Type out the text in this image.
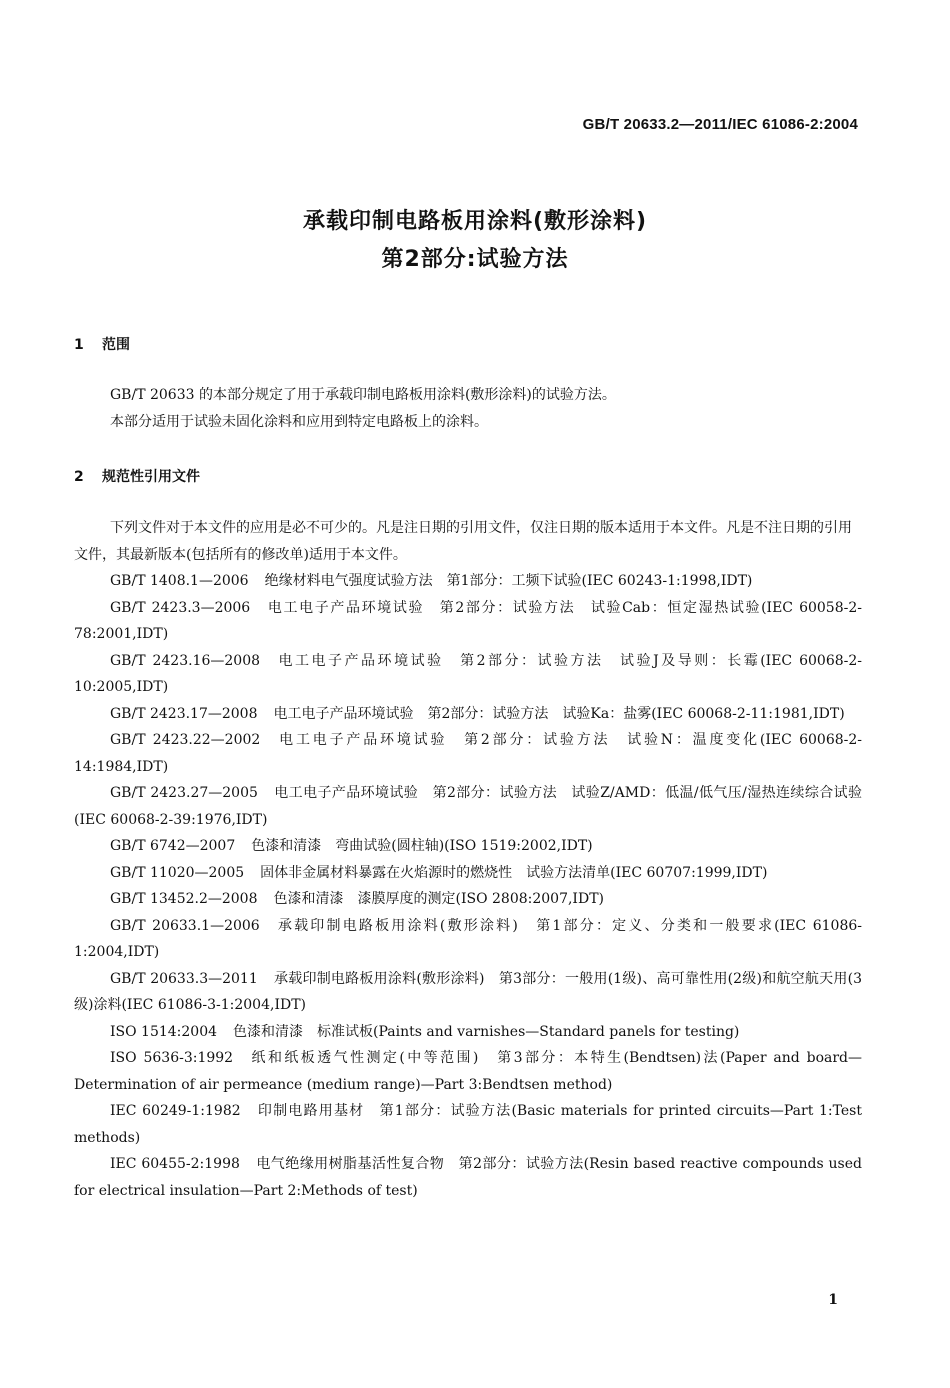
GB/T 20633.2—2011/IEC 61086-2:2004
承载印制电路板用涂料(敷形涂料)
第2部分:试验方法
1 范围
GB/T 20633 的本部分规定了用于承载印制电路板用涂料(敷形涂料)的试验方法。
本部分适用于试验未固化涂料和应用到特定电路板上的涂料。
2 规范性引用文件
下列文件对于本文件的应用是必不可少的。凡是注日期的引用文件，仅注日期的版本适用于本文件。凡是不注日期的引用文件，其最新版本(包括所有的修改单)适用于本文件。
GB/T 1408.1—2006 绝缘材料电气强度试验方法　第1部分：工频下试验(IEC 60243-1:1998,IDT)
GB/T 2423.3—2006 电工电子产品环境试验　第2部分：试验方法　试验Cab：恒定湿热试验(IEC 60058-2-78:2001,IDT)
GB/T 2423.16—2008 电工电子产品环境试验　第2部分：试验方法　试验J及导则：长霉(IEC 60068-2-10:2005,IDT)
GB/T 2423.17—2008 电工电子产品环境试验　第2部分：试验方法　试验Ka：盐雾(IEC 60068-2-11:1981,IDT)
GB/T 2423.22—2002 电工电子产品环境试验　第2部分：试验方法　试验N：温度变化(IEC 60068-2-14:1984,IDT)
GB/T 2423.27—2005 电工电子产品环境试验　第2部分：试验方法　试验Z/AMD：低温/低气压/湿热连续综合试验(IEC 60068-2-39:1976,IDT)
GB/T 6742—2007 色漆和清漆　弯曲试验(圆柱轴)(ISO 1519:2002,IDT)
GB/T 11020—2005 固体非金属材料暴露在火焰源时的燃烧性　试验方法清单(IEC 60707:1999,IDT)
GB/T 13452.2—2008 色漆和清漆　漆膜厚度的测定(ISO 2808:2007,IDT)
GB/T 20633.1—2006 承载印制电路板用涂料(敷形涂料)　第1部分：定义、分类和一般要求(IEC 61086-1:2004,IDT)
GB/T 20633.3—2011 承载印制电路板用涂料(敷形涂料)　第3部分：一般用(1级)、高可靠性用(2级)和航空航天用(3级)涂料(IEC 61086-3-1:2004,IDT)
ISO 1514:2004 色漆和清漆　标准试板(Paints and varnishes—Standard panels for testing)
ISO 5636-3:1992 纸和纸板透气性测定(中等范围)　第3部分：本特生(Bendtsen)法(Paper and board—Determination of air permeance (medium range)—Part 3:Bendtsen method)
IEC 60249-1:1982 印制电路用基材　第1部分：试验方法(Basic materials for printed circuits—Part 1:Test methods)
IEC 60455-2:1998 电气绝缘用树脂基活性复合物　第2部分：试验方法(Resin based reactive compounds used for electrical insulation—Part 2:Methods of test)
1
